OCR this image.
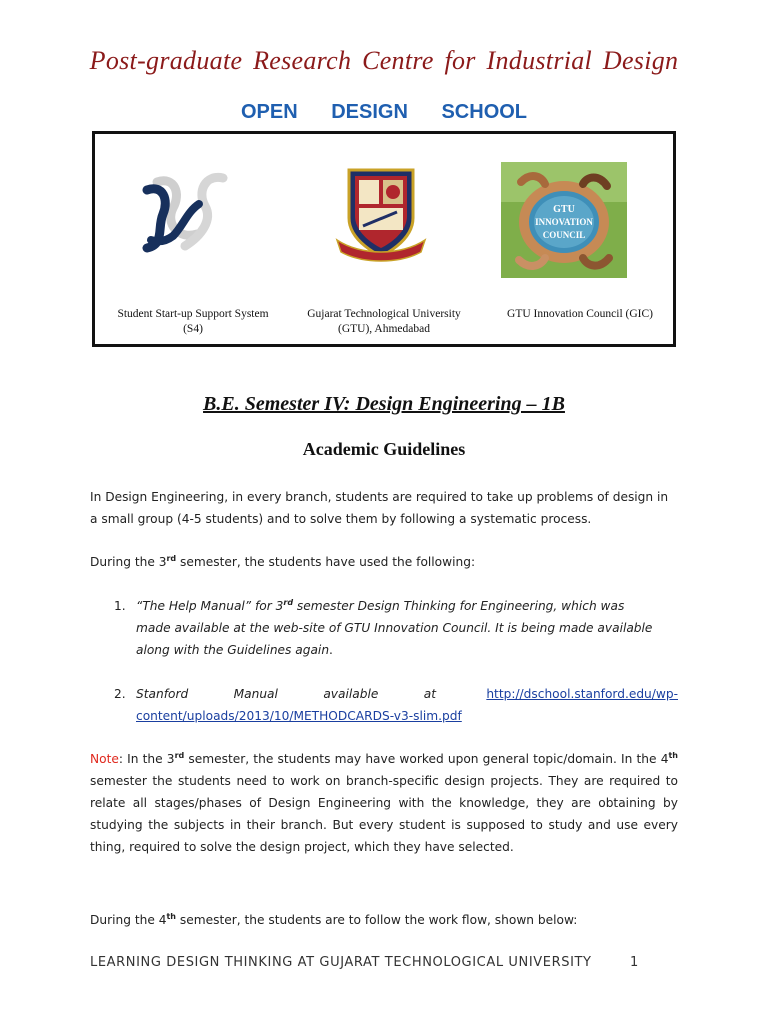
Post-graduate Research Centre for Industrial Design
OPEN DESIGN SCHOOL
GTU
INNOVATION
COUNCIL
Student Start-up Support System
(S4)
Gujarat Technological University
(GTU), Ahmedabad
GTU Innovation Council (GIC)
B.E. Semester IV: Design Engineering – 1B
Academic Guidelines
In Design Engineering, in every branch, students are required to take up problems of design in a small group (4-5 students) and to solve them by following a systematic process.
During the 3rd semester, the students have used the following:
1. “The Help Manual” for 3rd semester Design Thinking for Engineering, which was made available at the web-site of GTU Innovation Council. It is being made available along with the Guidelines again.
2. Stanford	Manual	available	at	http://dschool.stanford.edu/wp-
content/uploads/2013/10/METHODCARDS-v3-slim.pdf
Note: In the 3rd semester, the students may have worked upon general topic/domain. In the 4th semester the students need to work on branch-specific design projects. They are required to relate all stages/phases of Design Engineering with the knowledge, they are obtaining by studying the subjects in their branch. But every student is supposed to study and use every thing, required to solve the design project, which they have selected.
During the 4th semester, the students are to follow the work flow, shown below:
LEARNING DESIGN THINKING AT GUJARAT TECHNOLOGICAL UNIVERSITY	1
